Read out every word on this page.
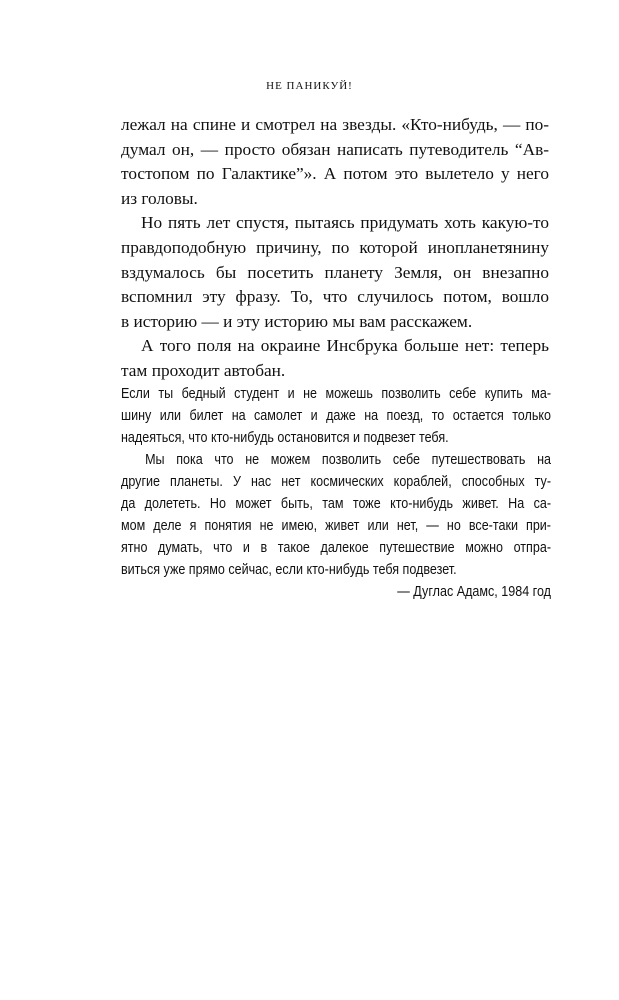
НЕ ПАНИКУЙ!
лежал на спине и смотрел на звезды. «Кто-нибудь, — по-
думал он, — просто обязан написать путеводитель “Ав-
тостопом по Галактике”». А потом это вылетело у него
из головы.
Но пять лет спустя, пытаясь придумать хоть какую-то
правдоподобную причину, по которой инопланетянину
вздумалось бы посетить планету Земля, он внезапно
вспомнил эту фразу. То, что случилось потом, вошло
в историю — и эту историю мы вам расскажем.
А того поля на окраине Инсбрука больше нет: теперь
там проходит автобан.
Если ты бедный студент и не можешь позволить себе купить ма-
шину или билет на самолет и даже на поезд, то остается только
надеяться, что кто-нибудь остановится и подвезет тебя.
Мы пока что не можем позволить себе путешествовать на
другие планеты. У нас нет космических кораблей, способных ту-
да долететь. Но может быть, там тоже кто-нибудь живет. На са-
мом деле я понятия не имею, живет или нет, — но все-таки при-
ятно думать, что и в такое далекое путешествие можно отпра-
виться уже прямо сейчас, если кто-нибудь тебя подвезет.
— Дуглас Адамс, 1984 год
